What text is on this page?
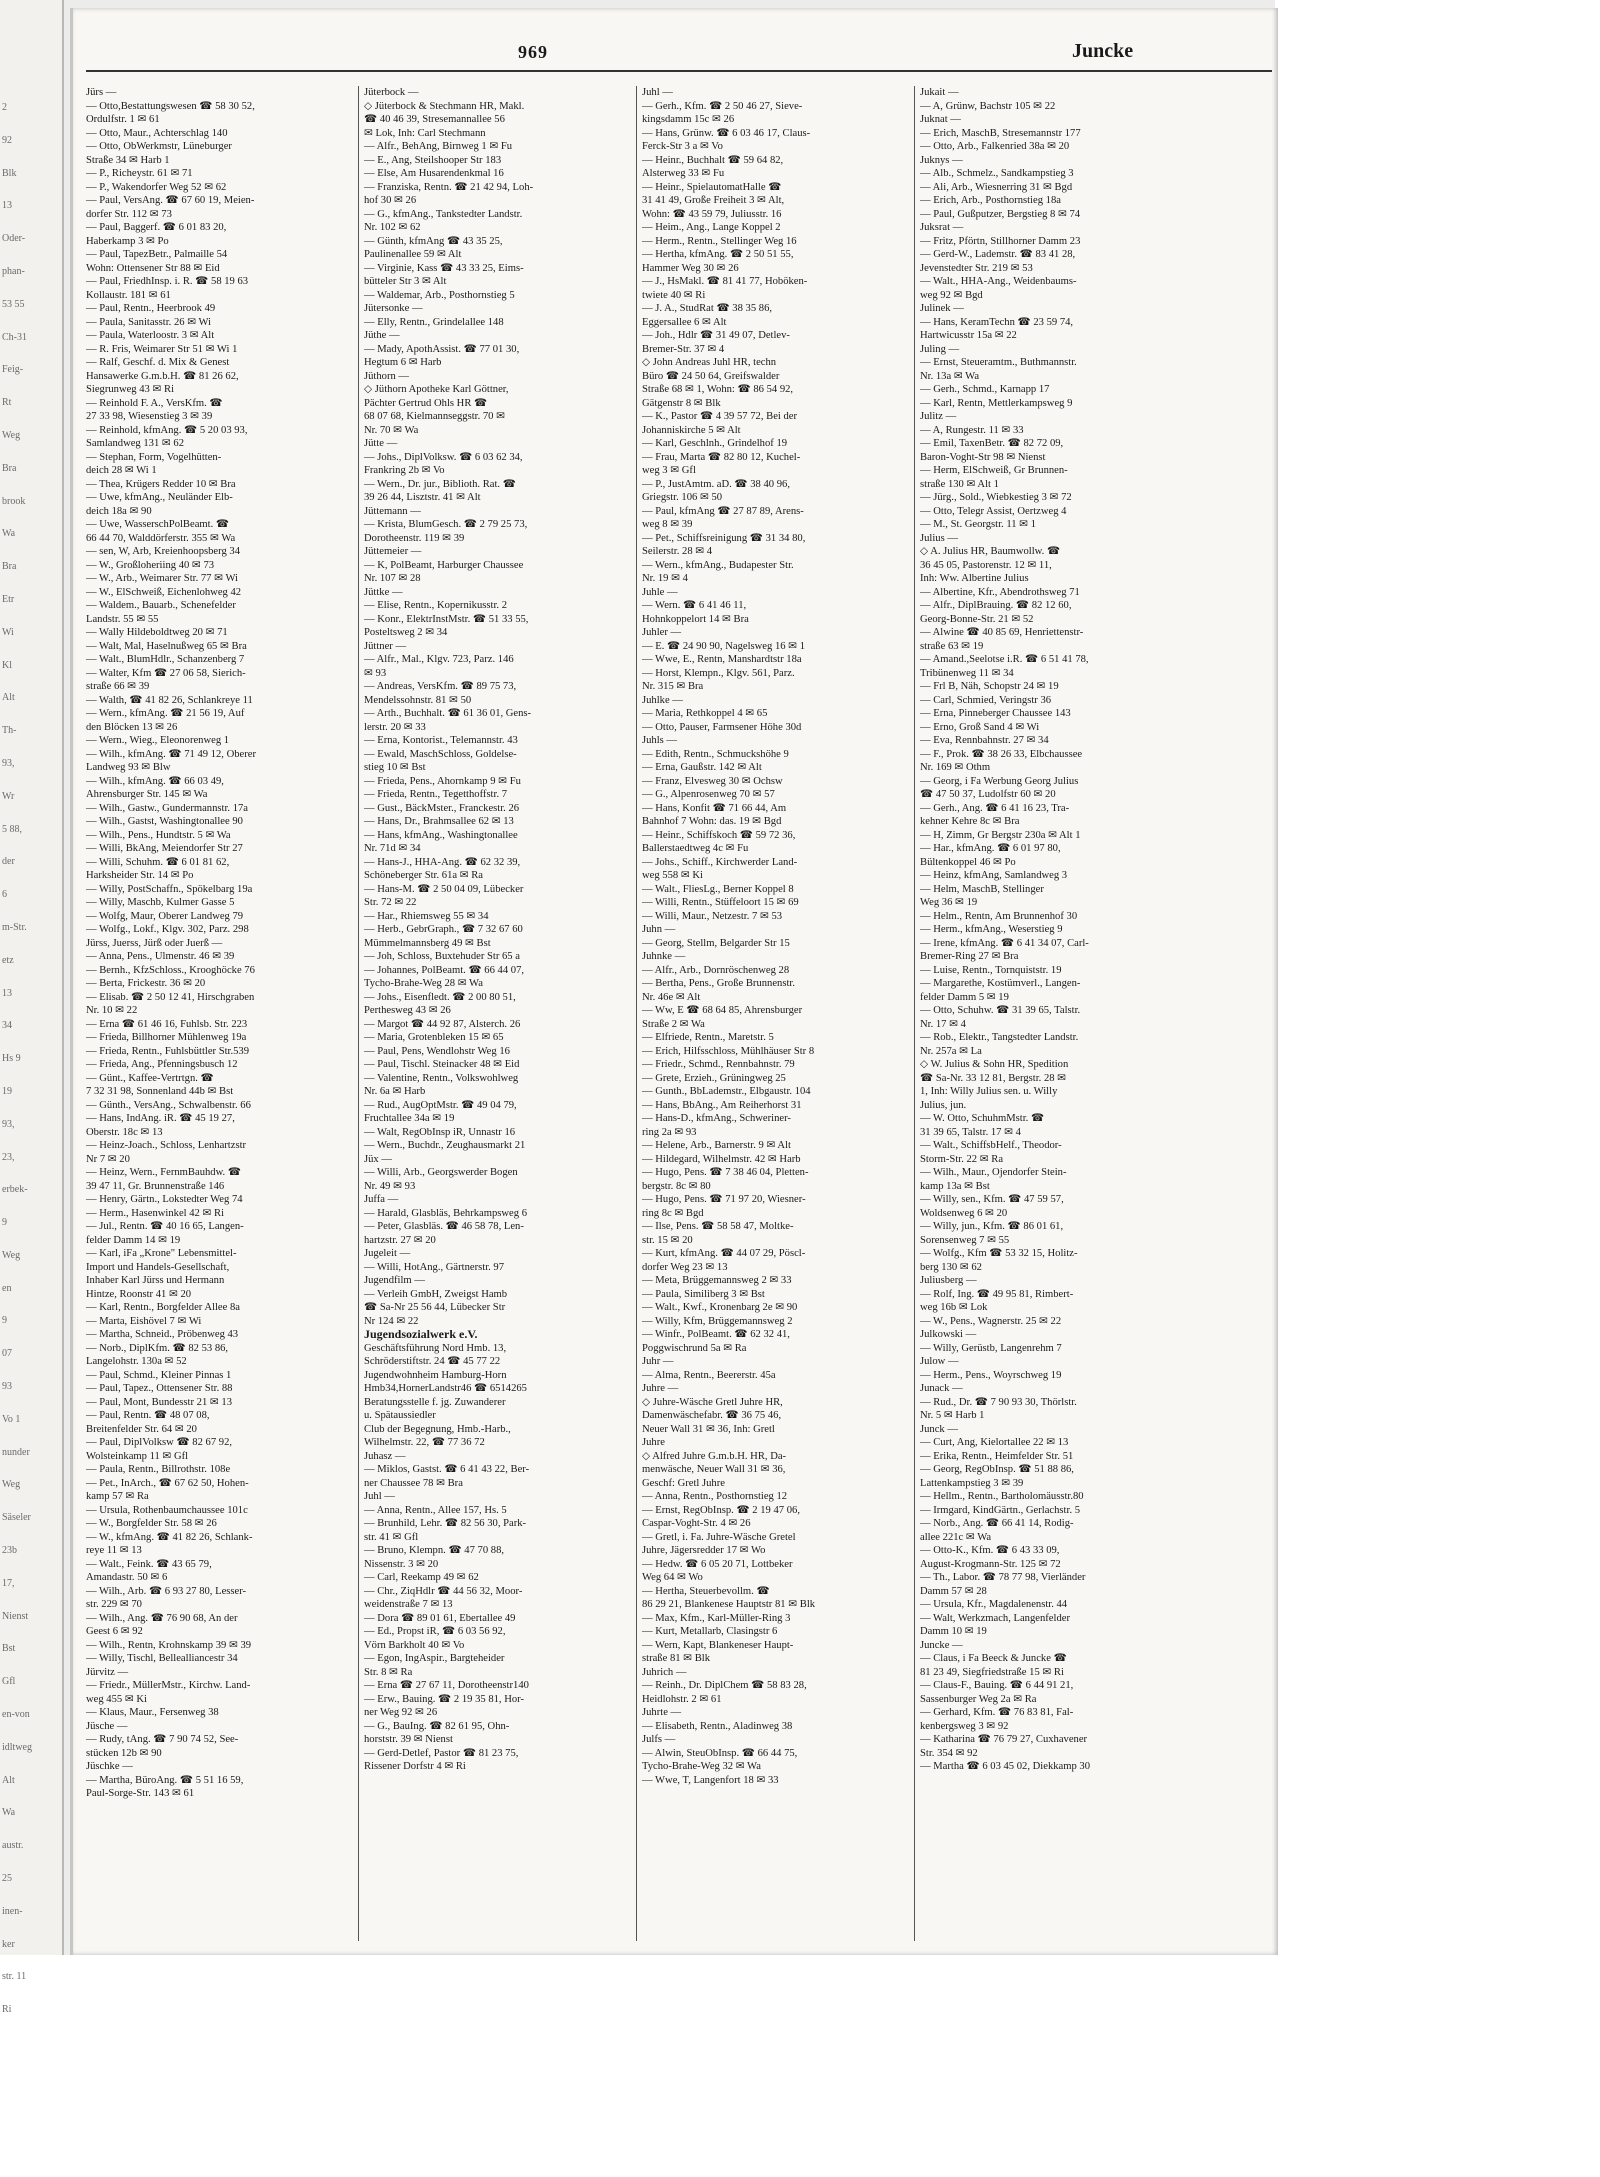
2
92
Blk
13
Oder-
phan-
53 55
Ch-31
Feig-
Rt
Weg
Bra
brook
Wa
Bra
Etr
Wi
Kl
Alt
Th-
93,
Wr
5 88,
der
6
m-Str.
etz
13
34
Hs 9
19
93,
23,
erbek-
9
Weg
en
9
07
93
Vo 1
nunder
Weg
Säseler
23b
17,
Nienst
Bst
Gfl
en-von
idltweg
Alt
Wa
austr.
25
inen-
ker
str. 11
Ri
969	Juncke
Jürs —
— Otto,Bestattungswesen ☎ 58 30 52,
Ordulfstr. 1 ✉ 61
— Otto, Maur., Achterschlag 140
— Otto, ObWerkmstr, Lüneburger
Straße 34 ✉ Harb 1
— P., Richeystr. 61 ✉ 71
— P., Wakendorfer Weg 52 ✉ 62
— Paul, VersAng. ☎ 67 60 19, Meien-
dorfer Str. 112 ✉ 73
— Paul, Baggerf. ☎ 6 01 83 20,
Haberkamp 3 ✉ Po
— Paul, TapezBetr., Palmaille 54
Wohn: Ottensener Str 88 ✉ Eid
— Paul, FriedhInsp. i. R. ☎ 58 19 63
Kollaustr. 181 ✉ 61
— Paul, Rentn., Heerbrook 49
— Paula, Sanitasstr. 26 ✉ Wi
— Paula, Waterloostr. 3 ✉ Alt
— R. Fris, Weimarer Str 51 ✉ Wi 1
— Ralf, Geschf. d. Mix & Genest
Hansawerke G.m.b.H. ☎ 81 26 62,
Siegrunweg 43 ✉ Ri
— Reinhold F. A., VersKfm. ☎
27 33 98, Wiesenstieg 3 ✉ 39
— Reinhold, kfmAng. ☎ 5 20 03 93,
Samlandweg 131 ✉ 62
— Stephan, Form, Vogelhütten-
deich 28 ✉ Wi 1
— Thea, Krügers Redder 10 ✉ Bra
— Uwe, kfmAng., Neuländer Elb-
deich 18a ✉ 90
— Uwe, WasserschPolBeamt. ☎
66 44 70, Walddörferstr. 355 ✉ Wa
— sen, W, Arb, Kreienhoopsberg 34
— W., Großloheriing 40 ✉ 73
— W., Arb., Weimarer Str. 77 ✉ Wi
— W., ElSchweiß, Eichenlohweg 42
— Waldem., Bauarb., Schenefelder
Landstr. 55 ✉ 55
— Wally Hildeboldtweg 20 ✉ 71
— Walt, Mal, Haselnußweg 65 ✉ Bra
— Walt., BlumHdlr., Schanzenberg 7
— Walter, Kfm ☎ 27 06 58, Sierich-
straße 66 ✉ 39
— Walth, ☎ 41 82 26, Schlankreye 11
— Wern., kfmAng. ☎ 21 56 19, Auf
den Blöcken 13 ✉ 26
— Wern., Wieg., Eleonorenweg 1
— Wilh., kfmAng. ☎ 71 49 12, Oberer
Landweg 93 ✉ Blw
— Wilh., kfmAng. ☎ 66 03 49,
Ahrensburger Str. 145 ✉ Wa
— Wilh., Gastw., Gundermannstr. 17a
— Wilh., Gastst, Washingtonallee 90
— Wilh., Pens., Hundtstr. 5 ✉ Wa
— Willi, BkAng, Meiendorfer Str 27
— Willi, Schuhm. ☎ 6 01 81 62,
Harksheider Str. 14 ✉ Po
— Willy, PostSchaffn., Spökelbarg 19a
— Willy, Maschb, Kulmer Gasse 5
— Wolfg, Maur, Oberer Landweg 79
— Wolfg., Lokf., Klgv. 302, Parz. 298
Jürss, Juerss, Jürß oder Juerß —
— Anna, Pens., Ulmenstr. 46 ✉ 39
— Bernh., KfzSchloss., Krooghöcke 76
— Berta, Frickestr. 36 ✉ 20
— Elisab. ☎ 2 50 12 41, Hirschgraben
Nr. 10 ✉ 22
— Erna ☎ 61 46 16, Fuhlsb. Str. 223
— Frieda, Billhorner Mühlenweg 19a
— Frieda, Rentn., Fuhlsbüttler Str.539
— Frieda, Ang., Pfenningsbusch 12
— Günt., Kaffee-Vertrtgn. ☎
7 32 31 98, Sonnenland 44b ✉ Bst
— Günth., VersAng., Schwalbenstr. 66
— Hans, IndAng. iR. ☎ 45 19 27,
Oberstr. 18c ✉ 13
— Heinz-Joach., Schloss, Lenhartzstr
Nr 7 ✉ 20
— Heinz, Wern., FernmBauhdw. ☎
39 47 11, Gr. Brunnenstraße 146
— Henry, Gärtn., Lokstedter Weg 74
— Herm., Hasenwinkel 42 ✉ Ri
— Jul., Rentn. ☎ 40 16 65, Langen-
felder Damm 14 ✉ 19
— Karl, iFa „Krone" Lebensmittel-
Import und Handels-Gesellschaft,
Inhaber Karl Jürss und Hermann
Hintze, Roonstr 41 ✉ 20
— Karl, Rentn., Borgfelder Allee 8a
— Marta, Eishövel 7 ✉ Wi
— Martha, Schneid., Pröbenweg 43
— Norb., DiplKfm. ☎ 82 53 86,
Langelohstr. 130a ✉ 52
— Paul, Schmd., Kleiner Pinnas 1
— Paul, Tapez., Ottensener Str. 88
— Paul, Mont, Bundesstr 21 ✉ 13
— Paul, Rentn. ☎ 48 07 08,
Breitenfelder Str. 64 ✉ 20
— Paul, DiplVolksw ☎ 82 67 92,
Wolsteinkamp 11 ✉ Gfl
— Paula, Rentn., Billrothstr. 108e
— Pet., InArch., ☎ 67 62 50, Hohen-
kamp 57 ✉ Ra
— Ursula, Rothenbaumchaussee 101c
— W., Borgfelder Str. 58 ✉ 26
— W., kfmAng. ☎ 41 82 26, Schlank-
reye 11 ✉ 13
— Walt., Feink. ☎ 43 65 79,
Amandastr. 50 ✉ 6
— Wilh., Arb. ☎ 6 93 27 80, Lesser-
str. 229 ✉ 70
— Wilh., Ang. ☎ 76 90 68, An der
Geest 6 ✉ 92
— Wilh., Rentn, Krohnskamp 39 ✉ 39
— Willy, Tischl, Bellealliancestr 34
Jürvitz —
— Friedr., MüllerMstr., Kirchw. Land-
weg 455 ✉ Ki
— Klaus, Maur., Fersenweg 38
Jüsche —
— Rudy, tAng. ☎ 7 90 74 52, See-
stücken 12b ✉ 90
Jüschke —
— Martha, BüroAng. ☎ 5 51 16 59,
Paul-Sorge-Str. 143 ✉ 61
Jüterbock —
◇ Jüterbock & Stechmann HR, Makl.
☎ 40 46 39, Stresemannallee 56
✉ Lok, Inh: Carl Stechmann
— Alfr., BehAng, Birnweg 1 ✉ Fu
— E., Ang, Steilshooper Str 183
— Else, Am Husarendenkmal 16
— Franziska, Rentn. ☎ 21 42 94, Loh-
hof 30 ✉ 26
— G., kfmAng., Tankstedter Landstr.
Nr. 102 ✉ 62
— Günth, kfmAng ☎ 43 35 25,
Paulinenallee 59 ✉ Alt
— Virginie, Kass ☎ 43 33 25, Eims-
bütteler Str 3 ✉ Alt
— Waldemar, Arb., Posthornstieg 5
Jütersonke —
— Elly, Rentn., Grindelallee 148
Jüthe —
— Mady, ApothAssist. ☎ 77 01 30,
Hegtum 6 ✉ Harb
Jüthorn —
◇ Jüthorn Apotheke Karl Göttner,
Pächter Gertrud Ohls HR ☎
68 07 68, Kielmannseggstr. 70 ✉
Nr. 70 ✉ Wa
Jütte —
— Johs., DiplVolksw. ☎ 6 03 62 34,
Frankring 2b ✉ Vo
— Wern., Dr. jur., Biblioth. Rat. ☎
39 26 44, Lisztstr. 41 ✉ Alt
Jüttemann —
— Krista, BlumGesch. ☎ 2 79 25 73,
Dorotheenstr. 119 ✉ 39
Jüttemeier —
— K, PolBeamt, Harburger Chaussee
Nr. 107 ✉ 28
Jüttke —
— Elise, Rentn., Kopernikusstr. 2
— Konr., ElektrInstMstr. ☎ 51 33 55,
Posteltsweg 2 ✉ 34
Jüttner —
— Alfr., Mal., Klgv. 723, Parz. 146
✉ 93
— Andreas, VersKfm. ☎ 89 75 73,
Mendelssohnstr. 81 ✉ 50
— Arth., Buchhalt. ☎ 61 36 01, Gens-
lerstr. 20 ✉ 33
— Erna, Kontorist., Telemannstr. 43
— Ewald, MaschSchloss, Goldelse-
stieg 10 ✉ Bst
— Frieda, Pens., Ahornkamp 9 ✉ Fu
— Frieda, Rentn., Tegetthoffstr. 7
— Gust., BäckMster., Franckestr. 26
— Hans, Dr., Brahmsallee 62 ✉ 13
— Hans, kfmAng., Washingtonallee
Nr. 71d ✉ 34
— Hans-J., HHA-Ang. ☎ 62 32 39,
Schöneberger Str. 61a ✉ Ra
— Hans-M. ☎ 2 50 04 09, Lübecker
Str. 72 ✉ 22
— Har., Rhiemsweg 55 ✉ 34
— Herb., GebrGraph., ☎ 7 32 67 60
Mümmelmannsberg 49 ✉ Bst
— Joh, Schloss, Buxtehuder Str 65 a
— Johannes, PolBeamt. ☎ 66 44 07,
Tycho-Brahe-Weg 28 ✉ Wa
— Johs., Eisenfledt. ☎ 2 00 80 51,
Perthesweg 43 ✉ 26
— Margot ☎ 44 92 87, Alsterch. 26
— Maria, Grotenbleken 15 ✉ 65
— Paul, Pens, Wendlohstr Weg 16
— Paul, Tischl. Steinacker 48 ✉ Eid
— Valentine, Rentn., Volkswohlweg
Nr. 6a ✉ Harb
— Rud., AugOptMstr. ☎ 49 04 79,
Fruchtallee 34a ✉ 19
— Walt, RegObInsp iR, Unnastr 16
— Wern., Buchdr., Zeughausmarkt 21
Jüx —
— Willi, Arb., Georgswerder Bogen
Nr. 49 ✉ 93
Juffa —
— Harald, Glasbläs, Behrkampsweg 6
— Peter, Glasbläs. ☎ 46 58 78, Len-
hartzstr. 27 ✉ 20
Jugeleit —
— Willi, HotAng., Gärtnerstr. 97
Jugendfilm —
— Verleih GmbH, Zweigst Hamb
☎ Sa-Nr 25 56 44, Lübecker Str
Nr 124 ✉ 22
Jugendsozialwerk e.V.
Geschäftsführung Nord Hmb. 13,
Schröderstiftstr. 24 ☎ 45 77 22
Jugendwohnheim Hamburg-Horn
Hmb34,HornerLandstr46 ☎ 6514265
Beratungsstelle f. jg. Zuwanderer
u. Spätaussiedler
Club der Begegnung, Hmb.-Harb.,
Wilhelmstr. 22, ☎ 77 36 72
Juhasz —
— Miklos, Gastst. ☎ 6 41 43 22, Ber-
ner Chaussee 78 ✉ Bra
Juhl —
— Anna, Rentn., Allee 157, Hs. 5
— Brunhild, Lehr. ☎ 82 56 30, Park-
str. 41 ✉ Gfl
— Bruno, Klempn. ☎ 47 70 88,
Nissenstr. 3 ✉ 20
— Carl, Reekamp 49 ✉ 62
— Chr., ZiqHdlr ☎ 44 56 32, Moor-
weidenstraße 7 ✉ 13
— Dora ☎ 89 01 61, Ebertallee 49
— Ed., Propst iR, ☎ 6 03 56 92,
Vörn Barkholt 40 ✉ Vo
— Egon, IngAspir., Bargteheider
Str. 8 ✉ Ra
— Erna ☎ 27 67 11, Dorotheenstr140
— Erw., Bauing. ☎ 2 19 35 81, Hor-
ner Weg 92 ✉ 26
— G., BauIng. ☎ 82 61 95, Ohn-
horststr. 39 ✉ Nienst
— Gerd-Detlef, Pastor ☎ 81 23 75,
Rissener Dorfstr 4 ✉ Ri
Juhl —
— Gerh., Kfm. ☎ 2 50 46 27, Sieve-
kingsdamm 15c ✉ 26
— Hans, Grünw. ☎ 6 03 46 17, Claus-
Ferck-Str 3 a ✉ Vo
— Heinr., Buchhalt ☎ 59 64 82,
Alsterweg 33 ✉ Fu
— Heinr., SpielautomatHalle ☎
31 41 49, Große Freiheit 3 ✉ Alt,
Wohn: ☎ 43 59 79, Juliusstr. 16
— Heim., Ang., Lange Koppel 2
— Herm., Rentn., Stellinger Weg 16
— Hertha, kfmAng. ☎ 2 50 51 55,
Hammer Weg 30 ✉ 26
— J., HsMakl. ☎ 81 41 77, Hoböken-
twiete 40 ✉ Ri
— J. A., StudRat ☎ 38 35 86,
Eggersallee 6 ✉ Alt
— Joh., Hdlr ☎ 31 49 07, Detlev-
Bremer-Str. 37 ✉ 4
◇ John Andreas Juhl HR, techn
Büro ☎ 24 50 64, Greifswalder
Straße 68 ✉ 1, Wohn: ☎ 86 54 92,
Gätgenstr 8 ✉ Blk
— K., Pastor ☎ 4 39 57 72, Bei der
Johanniskirche 5 ✉ Alt
— Karl, Geschlnh., Grindelhof 19
— Frau, Marta ☎ 82 80 12, Kuchel-
weg 3 ✉ Gfl
— P., JustAmtm. aD. ☎ 38 40 96,
Griegstr. 106 ✉ 50
— Paul, kfmAng ☎ 27 87 89, Arens-
weg 8 ✉ 39
— Pet., Schiffsreinigung ☎ 31 34 80,
Seilerstr. 28 ✉ 4
— Wern., kfmAng., Budapester Str.
Nr. 19 ✉ 4
Juhle —
— Wern. ☎ 6 41 46 11,
Hohnkoppelort 14 ✉ Bra
Juhler —
— E. ☎ 24 90 90, Nagelsweg 16 ✉ 1
— Wwe, E., Rentn, Manshardtstr 18a
— Horst, Klempn., Klgv. 561, Parz.
Nr. 315 ✉ Bra
Juhlke —
— Maria, Rethkoppel 4 ✉ 65
— Otto, Pauser, Farmsener Höhe 30d
Juhls —
— Edith, Rentn., Schmuckshöhe 9
— Erna, Gaußstr. 142 ✉ Alt
— Franz, Elvesweg 30 ✉ Ochsw
— G., Alpenrosenweg 70 ✉ 57
— Hans, Konfit ☎ 71 66 44, Am
Bahnhof 7 Wohn: das. 19 ✉ Bgd
— Heinr., Schiffskoch ☎ 59 72 36,
Ballerstaedtweg 4c ✉ Fu
— Johs., Schiff., Kirchwerder Land-
weg 558 ✉ Ki
— Walt., FliesLg., Berner Koppel 8
— Willi, Rentn., Stüffeloort 15 ✉ 69
— Willi, Maur., Netzestr. 7 ✉ 53
Juhn —
— Georg, Stellm, Belgarder Str 15
Juhnke —
— Alfr., Arb., Dornröschenweg 28
— Bertha, Pens., Große Brunnenstr.
Nr. 46e ✉ Alt
— Ww, E ☎ 68 64 85, Ahrensburger
Straße 2 ✉ Wa
— Elfriede, Rentn., Maretstr. 5
— Erich, Hilfsschloss, Mühlhäuser Str 8
— Friedr., Schmd., Rennbahnstr. 79
— Grete, Erzieh., Grüningweg 25
— Gunth., BbLademstr., Elbgaustr. 104
— Hans, BbAng., Am Reiherhorst 31
— Hans-D., kfmAng., Schweriner-
ring 2a ✉ 93
— Helene, Arb., Barnerstr. 9 ✉ Alt
— Hildegard, Wilhelmstr. 42 ✉ Harb
— Hugo, Pens. ☎ 7 38 46 04, Pletten-
bergstr. 8c ✉ 80
— Hugo, Pens. ☎ 71 97 20, Wiesner-
ring 8c ✉ Bgd
— Ilse, Pens. ☎ 58 58 47, Moltke-
str. 15 ✉ 20
— Kurt, kfmAng. ☎ 44 07 29, Pöscl-
dorfer Weg 23 ✉ 13
— Meta, Brüggemannsweg 2 ✉ 33
— Paula, Similiberg 3 ✉ Bst
— Walt., Kwf., Kronenbarg 2e ✉ 90
— Willy, Kfm, Brüggemannsweg 2
— Winfr., PolBeamt. ☎ 62 32 41,
Poggwischrund 5a ✉ Ra
Juhr —
— Alma, Rentn., Beererstr. 45a
Juhre —
◇ Juhre-Wäsche Gretl Juhre HR,
Damenwäschefabr. ☎ 36 75 46,
Neuer Wall 31 ✉ 36, Inh: Gretl
Juhre
◇ Alfred Juhre G.m.b.H. HR, Da-
menwäsche, Neuer Wall 31 ✉ 36,
Geschf: Gretl Juhre
— Anna, Rentn., Posthornstieg 12
— Ernst, RegObInsp. ☎ 2 19 47 06,
Caspar-Voght-Str. 4 ✉ 26
— Gretl, i. Fa. Juhre-Wäsche Gretel
Juhre, Jägersredder 17 ✉ Wo
— Hedw. ☎ 6 05 20 71, Lottbeker
Weg 64 ✉ Wo
— Hertha, Steuerbevollm. ☎
86 29 21, Blankenese Hauptstr 81 ✉ Blk
— Max, Kfm., Karl-Müller-Ring 3
— Kurt, Metallarb, Clasingstr 6
— Wern, Kapt, Blankeneser Haupt-
straße 81 ✉ Blk
Juhrich —
— Reinh., Dr. DiplChem ☎ 58 83 28,
Heidlohstr. 2 ✉ 61
Juhrte —
— Elisabeth, Rentn., Aladinweg 38
Julfs —
— Alwin, SteuObInsp. ☎ 66 44 75,
Tycho-Brahe-Weg 32 ✉ Wa
— Wwe, T, Langenfort 18 ✉ 33
Jukait —
— A, Grünw, Bachstr 105 ✉ 22
Juknat —
— Erich, MaschB, Stresemannstr 177
— Otto, Arb., Falkenried 38a ✉ 20
Juknys —
— Alb., Schmelz., Sandkampstieg 3
— Ali, Arb., Wiesnerring 31 ✉ Bgd
— Erich, Arb., Posthornstieg 18a
— Paul, Gußputzer, Bergstieg 8 ✉ 74
Juksrat —
— Fritz, Pförtn, Stillhorner Damm 23
— Gerd-W., Lademstr. ☎ 83 41 28,
Jevenstedter Str. 219 ✉ 53
— Walt., HHA-Ang., Weidenbaums-
weg 92 ✉ Bgd
Julinek —
— Hans, KeramTechn ☎ 23 59 74,
Hartwicusstr 15a ✉ 22
Juling —
— Ernst, Steueramtm., Buthmannstr.
Nr. 13a ✉ Wa
— Gerh., Schmd., Karnapp 17
— Karl, Rentn, Mettlerkampsweg 9
Julitz —
— A, Rungestr. 11 ✉ 33
— Emil, TaxenBetr. ☎ 82 72 09,
Baron-Voght-Str 98 ✉ Nienst
— Herm, ElSchweiß, Gr Brunnen-
straße 130 ✉ Alt 1
— Jürg., Sold., Wiebkestieg 3 ✉ 72
— Otto, Telegr Assist, Oertzweg 4
— M., St. Georgstr. 11 ✉ 1
Julius —
◇ A. Julius HR, Baumwollw. ☎
36 45 05, Pastorenstr. 12 ✉ 11,
Inh: Ww. Albertine Julius
— Albertine, Kfr., Abendrothsweg 71
— Alfr., DiplBrauing. ☎ 82 12 60,
Georg-Bonne-Str. 21 ✉ 52
— Alwine ☎ 40 85 69, Henriettenstr-
straße 63 ✉ 19
— Amand.,Seelotse i.R. ☎ 6 51 41 78,
Tribünenweg 11 ✉ 34
— Frl B, Näh, Schopstr 24 ✉ 19
— Carl, Schmied, Veringstr 36
— Erna, Pinneberger Chaussee 143
— Erno, Groß Sand 4 ✉ Wi
— Eva, Rennbahnstr. 27 ✉ 34
— F., Prok. ☎ 38 26 33, Elbchaussee
Nr. 169 ✉ Othm
— Georg, i Fa Werbung Georg Julius
☎ 47 50 37, Ludolfstr 60 ✉ 20
— Gerh., Ang. ☎ 6 41 16 23, Tra-
kehner Kehre 8c ✉ Bra
— H, Zimm, Gr Bergstr 230a ✉ Alt 1
— Har., kfmAng. ☎ 6 01 97 80,
Bültenkoppel 46 ✉ Po
— Heinz, kfmAng, Samlandweg 3
— Helm, MaschB, Stellinger
Weg 36 ✉ 19
— Helm., Rentn, Am Brunnenhof 30
— Herm., kfmAng., Weserstieg 9
— Irene, kfmAng. ☎ 6 41 34 07, Carl-
Bremer-Ring 27 ✉ Bra
— Luise, Rentn., Tornquiststr. 19
— Margarethe, Kostümverl., Langen-
felder Damm 5 ✉ 19
— Otto, Schuhw. ☎ 31 39 65, Talstr.
Nr. 17 ✉ 4
— Rob., Elektr., Tangstedter Landstr.
Nr. 257a ✉ La
◇ W. Julius & Sohn HR, Spedition
☎ Sa-Nr. 33 12 81, Bergstr. 28 ✉
1, Inh: Willy Julius sen. u. Willy
Julius, jun.
— W. Otto, SchuhmMstr. ☎
31 39 65, Talstr. 17 ✉ 4
— Walt., SchiffsbHelf., Theodor-
Storm-Str. 22 ✉ Ra
— Wilh., Maur., Ojendorfer Stein-
kamp 13a ✉ Bst
— Willy, sen., Kfm. ☎ 47 59 57,
Woldsenweg 6 ✉ 20
— Willy, jun., Kfm. ☎ 86 01 61,
Sorensenweg 7 ✉ 55
— Wolfg., Kfm ☎ 53 32 15, Holitz-
berg 130 ✉ 62
Juliusberg —
— Rolf, Ing. ☎ 49 95 81, Rimbert-
weg 16b ✉ Lok
— W., Pens., Wagnerstr. 25 ✉ 22
Julkowski —
— Willy, Gerüstb, Langenrehm 7
Julow —
— Herm., Pens., Woyrschweg 19
Junack —
— Rud., Dr. ☎ 7 90 93 30, Thörlstr.
Nr. 5 ✉ Harb 1
Junck —
— Curt, Ang, Kielortallee 22 ✉ 13
— Erika, Rentn., Heimfelder Str. 51
— Georg, RegObInsp. ☎ 51 88 86,
Lattenkampstieg 3 ✉ 39
— Hellm., Rentn., Bartholomäusstr.80
— Irmgard, KindGärtn., Gerlachstr. 5
— Norb., Ang. ☎ 66 41 14, Rodig-
allee 221c ✉ Wa
— Otto-K., Kfm. ☎ 6 43 33 09,
August-Krogmann-Str. 125 ✉ 72
— Th., Labor. ☎ 78 77 98, Vierländer
Damm 57 ✉ 28
— Ursula, Kfr., Magdalenenstr. 44
— Walt, Werkzmach, Langenfelder
Damm 10 ✉ 19
Juncke —
— Claus, i Fa Beeck & Juncke ☎
81 23 49, Siegfriedstraße 15 ✉ Ri
— Claus-F., Bauing. ☎ 6 44 91 21,
Sassenburger Weg 2a ✉ Ra
— Gerhard, Kfm. ☎ 76 83 81, Fal-
kenbergsweg 3 ✉ 92
— Katharina ☎ 76 79 27, Cuxhavener
Str. 354 ✉ 92
— Martha ☎ 6 03 45 02, Diekkamp 30
